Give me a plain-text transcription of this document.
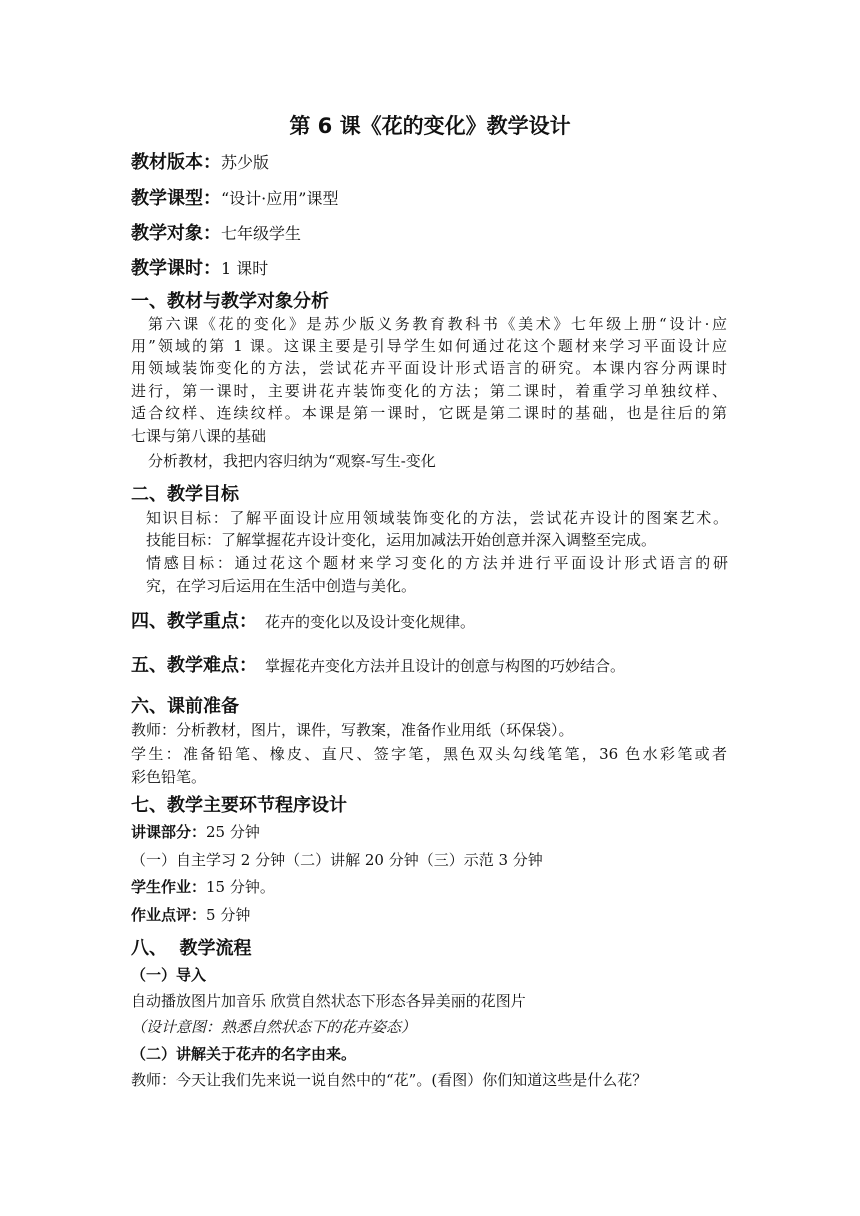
第 6 课《花的变化》教学设计
教材版本：苏少版
教学课型：“设计·应用”课型
教学对象：七年级学生
教学课时：1 课时
一、教材与教学对象分析
第六课《花的变化》是苏少版义务教育教科书《美术》七年级上册“设计·应
用”领域的第 1 课。这课主要是引导学生如何通过花这个题材来学习平面设计应
用领域装饰变化的方法，尝试花卉平面设计形式语言的研究。本课内容分两课时
进行，第一课时，主要讲花卉装饰变化的方法；第二课时，着重学习单独纹样、
适合纹样、连续纹样。本课是第一课时，它既是第二课时的基础，也是往后的第
七课与第八课的基础
分析教材，我把内容归纳为“观察-写生-变化
二、教学目标
知识目标：了解平面设计应用领域装饰变化的方法，尝试花卉设计的图案艺术。
技能目标：了解掌握花卉设计变化，运用加减法开始创意并深入调整至完成。
情感目标：通过花这个题材来学习变化的方法并进行平面设计形式语言的研
究，在学习后运用在生活中创造与美化。
四、教学重点： 花卉的变化以及设计变化规律。
五、教学难点： 掌握花卉变化方法并且设计的创意与构图的巧妙结合。
六、课前准备
教师：分析教材，图片，课件，写教案，准备作业用纸（环保袋）。
学生：准备铅笔、橡皮、直尺、签字笔，黑色双头勾线笔笔，36 色水彩笔或者
彩色铅笔。
七、教学主要环节程序设计
讲课部分：25 分钟
（一）自主学习 2 分钟（二）讲解 20 分钟（三）示范 3 分钟
学生作业：15 分钟。
作业点评：5 分钟
八、  教学流程
（一）导入
自动播放图片加音乐 欣赏自然状态下形态各异美丽的花图片
（设计意图：熟悉自然状态下的花卉姿态）
（二）讲解关于花卉的名字由来。
教师：今天让我们先来说一说自然中的“花”。(看图）你们知道这些是什么花？
